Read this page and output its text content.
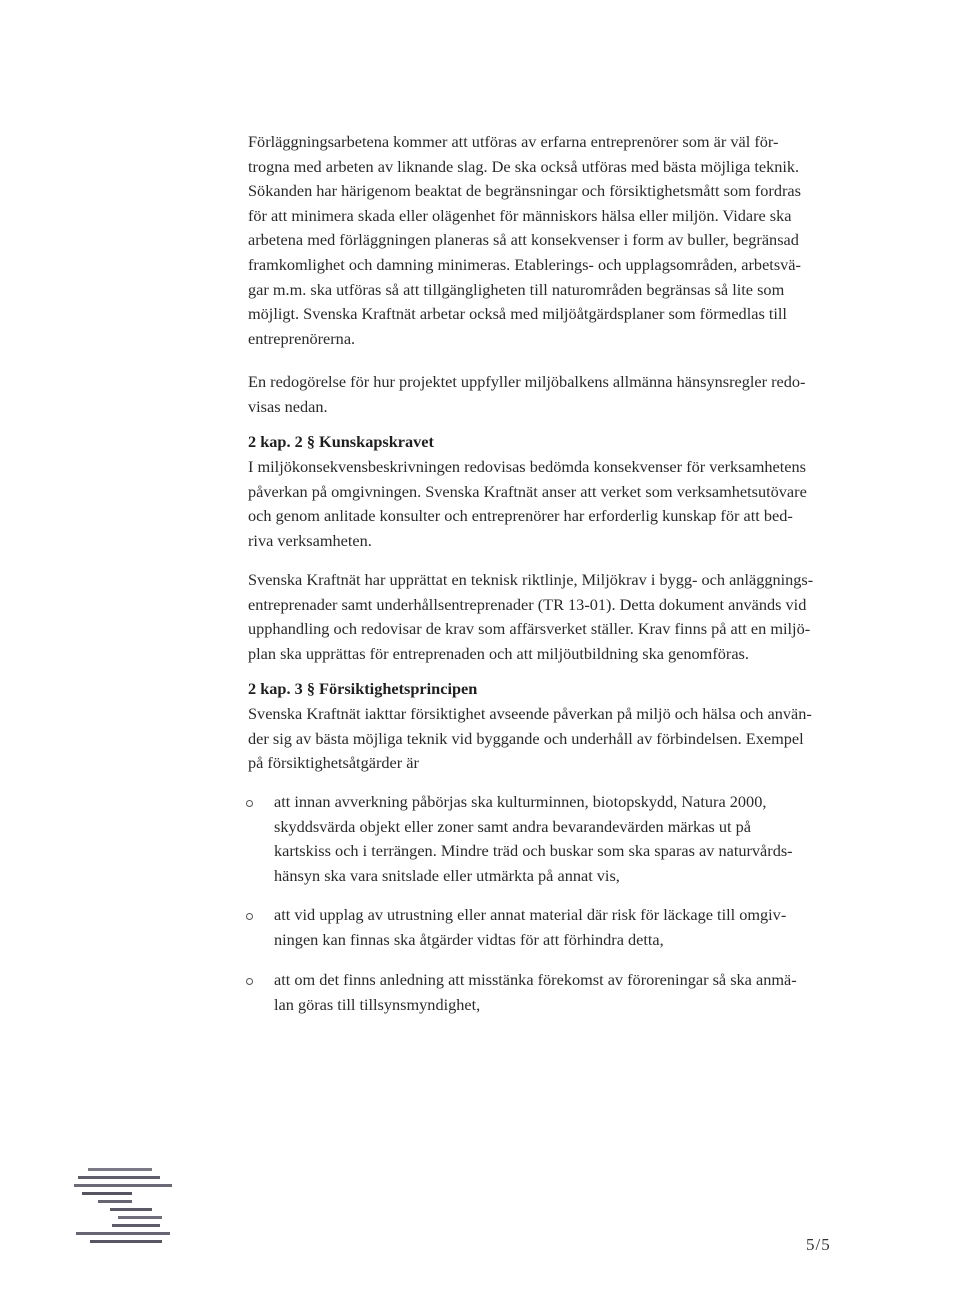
Förläggningsarbetena kommer att utföras av erfarna entreprenörer som är väl för-
trogna med arbeten av liknande slag. De ska också utföras med bästa möjliga teknik.
Sökanden har härigenom beaktat de begränsningar och försiktighetsmått som fordras
för att minimera skada eller olägenhet för människors hälsa eller miljön. Vidare ska
arbetena med förläggningen planeras så att konsekvenser i form av buller, begränsad
framkomlighet och damning minimeras. Etablerings- och upplagsområden, arbetsvä-
gar m.m. ska utföras så att tillgängligheten till naturområden begränsas så lite som
möjligt. Svenska Kraftnät arbetar också med miljöåtgärdsplaner som förmedlas till
entreprenörerna.
En redogörelse för hur projektet uppfyller miljöbalkens allmänna hänsynsregler redo-
visas nedan.
2 kap. 2 § Kunskapskravet
I miljökonsekvensbeskrivningen redovisas bedömda konsekvenser för verksamhetens
påverkan på omgivningen. Svenska Kraftnät anser att verket som verksamhetsutövare
och genom anlitade konsulter och entreprenörer har erforderlig kunskap för att bed-
riva verksamheten.
Svenska Kraftnät har upprättat en teknisk riktlinje, Miljökrav i bygg- och anläggnings-
entreprenader samt underhållsentreprenader (TR 13-01). Detta dokument används vid
upphandling och redovisar de krav som affärsverket ställer. Krav finns på att en miljö-
plan ska upprättas för entreprenaden och att miljöutbildning ska genomföras.
2 kap. 3 § Försiktighetsprincipen
Svenska Kraftnät iakttar försiktighet avseende påverkan på miljö och hälsa och använ-
der sig av bästa möjliga teknik vid byggande och underhåll av förbindelsen. Exempel
på försiktighetsåtgärder är
att innan avverkning påbörjas ska kulturminnen, biotopskydd, Natura 2000,
skyddsvärda objekt eller zoner samt andra bevarandevärden märkas ut på
kartskiss och i terrängen. Mindre träd och buskar som ska sparas av naturvårds-
hänsyn ska vara snitslade eller utmärkta på annat vis,
att vid upplag av utrustning eller annat material där risk för läckage till omgiv-
ningen kan finnas ska åtgärder vidtas för att förhindra detta,
att om det finns anledning att misstänka förekomst av föroreningar så ska anmä-
lan göras till tillsynsmyndighet,
5/5
